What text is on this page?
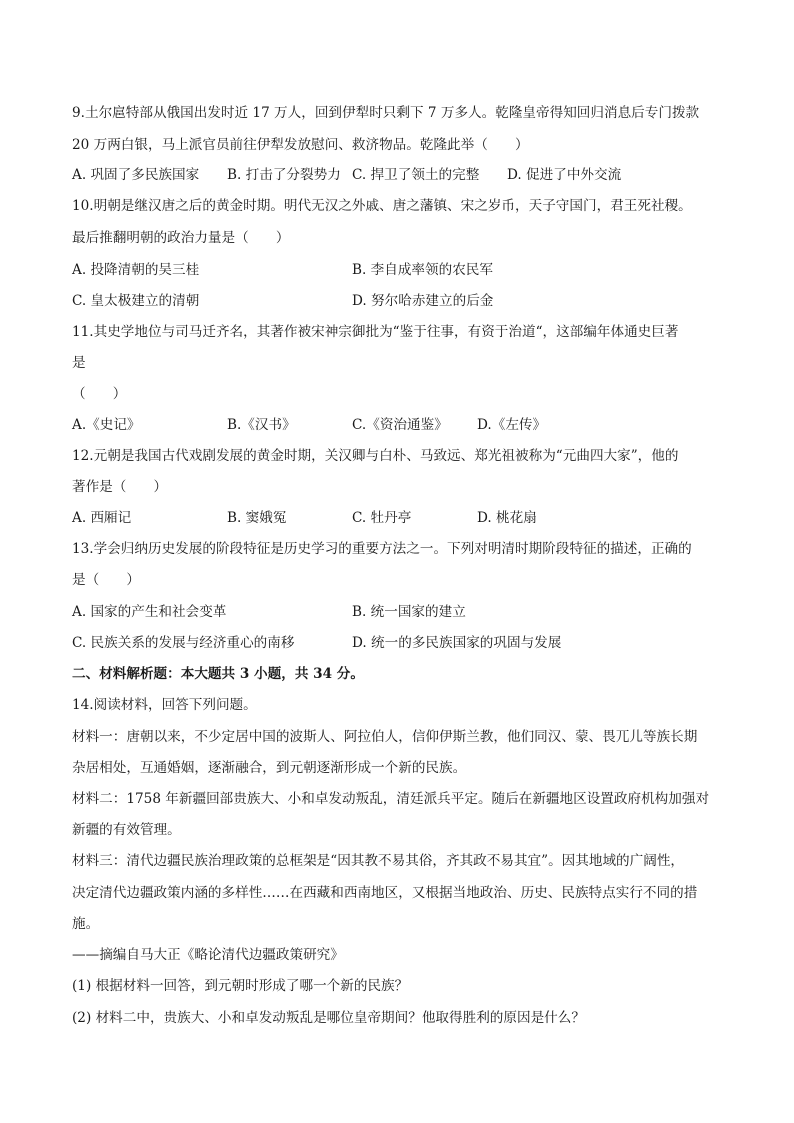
9.土尔扈特部从俄国出发时近 17 万人，回到伊犁时只剩下 7 万多人。乾隆皇帝得知回归消息后专门拨款
20 万两白银，马上派官员前往伊犁发放慰问、救济物品。乾隆此举（　　）
A. 巩固了多民族国家 B. 打击了分裂势力 C. 捍卫了领土的完整 D. 促进了中外交流
10.明朝是继汉唐之后的黄金时期。明代无汉之外戚、唐之藩镇、宋之岁币，天子守国门，君王死社稷。
最后推翻明朝的政治力量是（　　）
A. 投降清朝的吴三桂	B. 李自成率领的农民军
C. 皇太极建立的清朝	D. 努尔哈赤建立的后金
11.其史学地位与司马迁齐名，其著作被宋神宗御批为“鉴于往事，有资于治道“，这部编年体通史巨著
是
（　　）
A.《史记》	B.《汉书》	C.《资治通鉴》 D.《左传》
12.元朝是我国古代戏剧发展的黄金时期，关汉卿与白朴、马致远、郑光祖被称为“元曲四大家”，他的
著作是（　　）
A. 西厢记	B. 窦娥冤	C. 牡丹亭	D. 桃花扇
13.学会归纳历史发展的阶段特征是历史学习的重要方法之一。下列对明清时期阶段特征的描述，正确的
是（　　）
A. 国家的产生和社会变革	B. 统一国家的建立
C. 民族关系的发展与经济重心的南移	D. 统一的多民族国家的巩固与发展
二、材料解析题：本大题共 3 小题，共 34 分。
14.阅读材料，回答下列问题。
材料一：唐朝以来，不少定居中国的波斯人、阿拉伯人，信仰伊斯兰教，他们同汉、蒙、畏兀儿等族长期
杂居相处，互通婚姻，逐渐融合，到元朝逐渐形成一个新的民族。
材料二：1758 年新疆回部贵族大、小和卓发动叛乱，清廷派兵平定。随后在新疆地区设置政府机构加强对
新疆的有效管理。
材料三：清代边疆民族治理政策的总框架是“因其教不易其俗，齐其政不易其宜”。因其地域的广阔性，
决定清代边疆政策内涵的多样性……在西藏和西南地区，又根据当地政治、历史、民族特点实行不同的措
施。
——摘编自马大正《略论清代边疆政策研究》
(1) 根据材料一回答，到元朝时形成了哪一个新的民族？
(2) 材料二中，贵族大、小和卓发动叛乱是哪位皇帝期间？他取得胜利的原因是什么？
